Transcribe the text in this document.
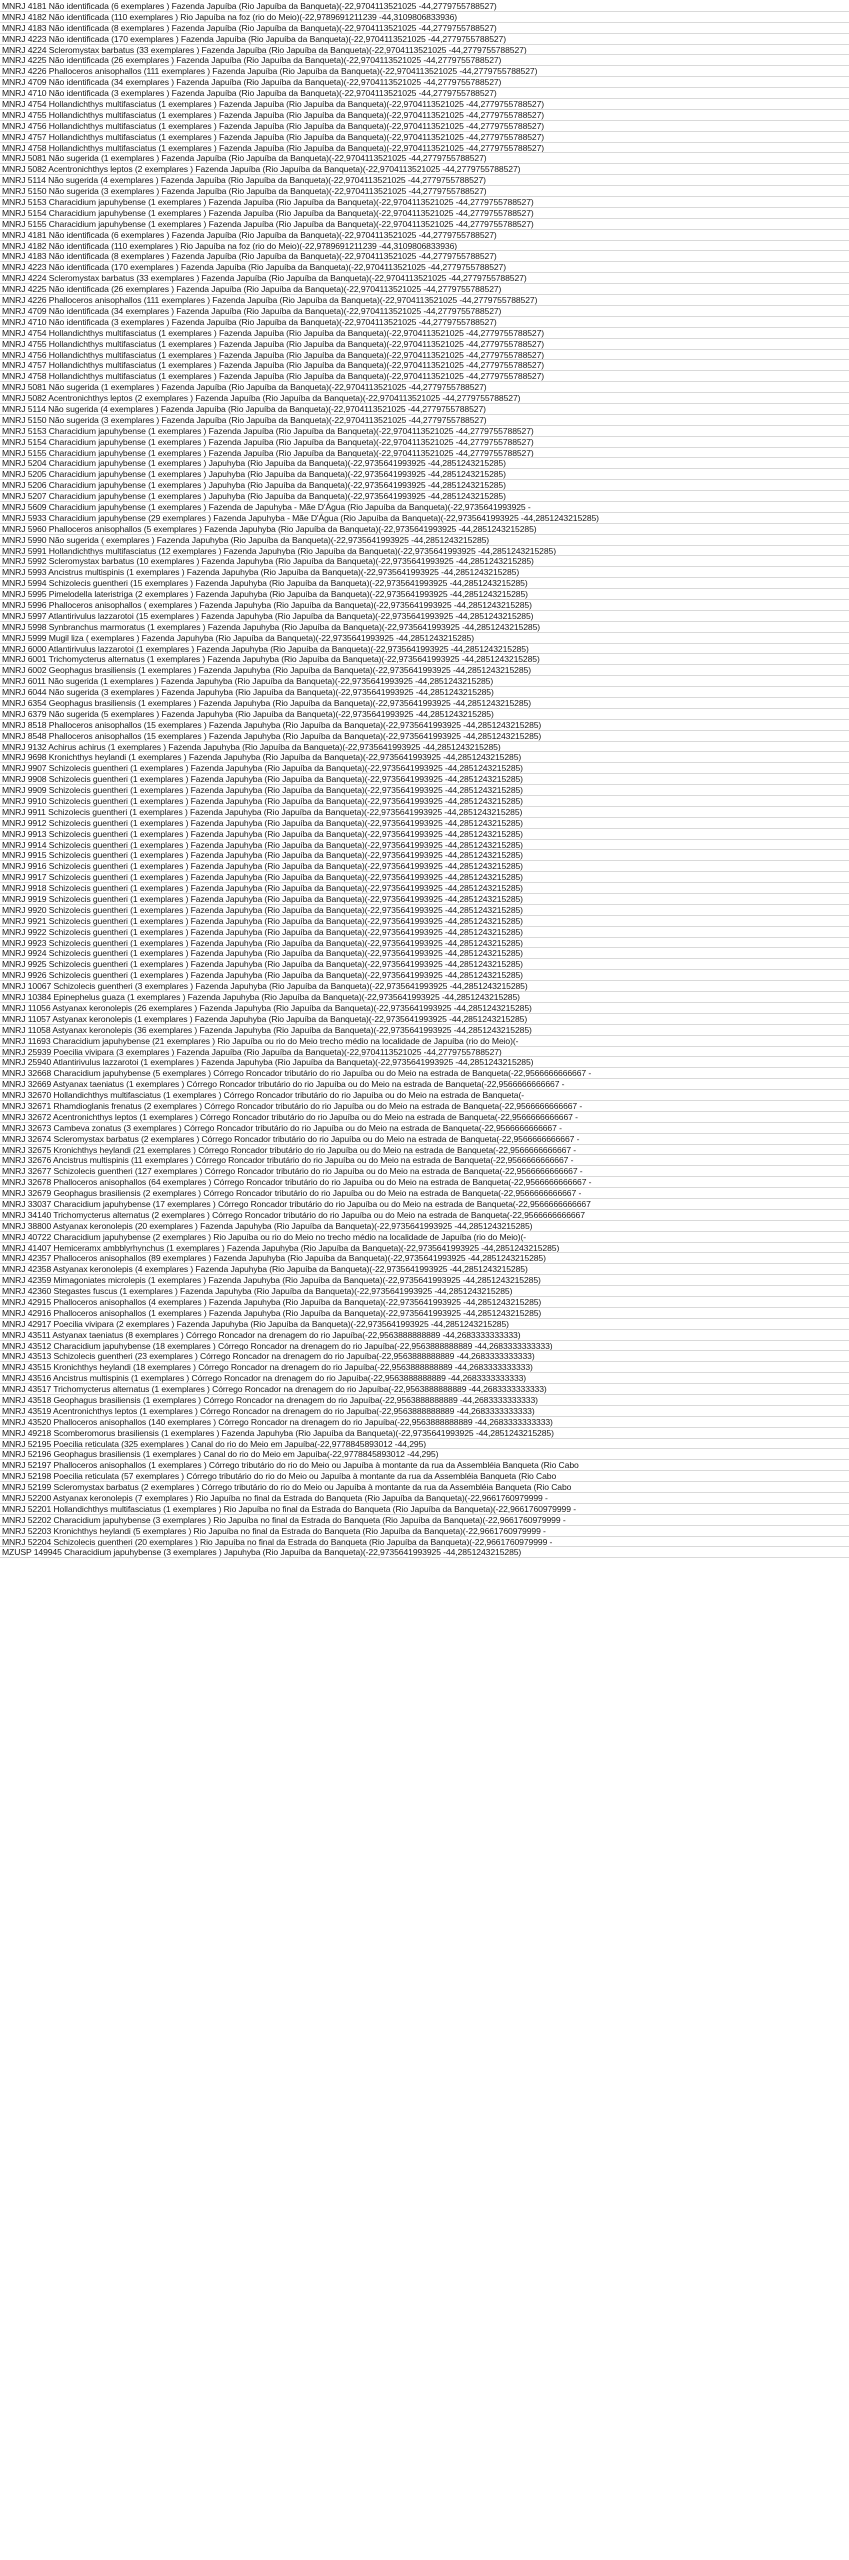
MNRJ 4181 Não identificada (6 exemplares ) Fazenda Japuíba (Rio Japuíba da Banqueta)(-22,9704113521025 -44,2779755788527)
MNRJ 4182 Não identificada (110 exemplares ) Rio Japuíba na foz (rio do Meio)(-22,9789691211239 -44,3109806833936)
MNRJ 4183 Não identificada (8 exemplares ) Fazenda Japuíba (Rio Japuíba da Banqueta)(-22,9704113521025 -44,2779755788527)
MNRJ 4223 Não identificada (170 exemplares ) Fazenda Japuíba (Rio Japuíba da Banqueta)(-22,9704113521025 -44,2779755788527)
MNRJ 4224 Scleromystax barbatus (33 exemplares ) Fazenda Japuíba (Rio Japuíba da Banqueta)(-22,9704113521025 -44,2779755788527)
MNRJ 4225 Não identificada (26 exemplares ) Fazenda Japuíba (Rio Japuíba da Banqueta)(-22,9704113521025 -44,2779755788527)
MNRJ 4226 Phalloceros anisophallos (111 exemplares ) Fazenda Japuíba (Rio Japuíba da Banqueta)(-22,9704113521025 -44,2779755788527)
MNRJ 4709 Não identificada (34 exemplares ) Fazenda Japuíba (Rio Japuíba da Banqueta)(-22,9704113521025 -44,2779755788527)
MNRJ 4710 Não identificada (3 exemplares ) Fazenda Japuíba (Rio Japuíba da Banqueta)(-22,9704113521025 -44,2779755788527)
MNRJ 4754 Hollandichthys multifasciatus (1 exemplares ) Fazenda Japuíba (Rio Japuíba da Banqueta)(-22,9704113521025 -44,2779755788527)
MNRJ 4755 Hollandichthys multifasciatus (1 exemplares ) Fazenda Japuíba (Rio Japuíba da Banqueta)(-22,9704113521025 -44,2779755788527)
MNRJ 4756 Hollandichthys multifasciatus (1 exemplares ) Fazenda Japuíba (Rio Japuíba da Banqueta)(-22,9704113521025 -44,2779755788527)
MNRJ 4757 Hollandichthys multifasciatus (1 exemplares ) Fazenda Japuíba (Rio Japuíba da Banqueta)(-22,9704113521025 -44,2779755788527)
MNRJ 4758 Hollandichthys multifasciatus (1 exemplares ) Fazenda Japuíba (Rio Japuíba da Banqueta)(-22,9704113521025 -44,2779755788527)
MNRJ 5081 Não sugerida (1 exemplares ) Fazenda Japuíba (Rio Japuíba da Banqueta)(-22,9704113521025 -44,2779755788527)
MNRJ 5082 Acentronichthys leptos (2 exemplares ) Fazenda Japuíba (Rio Japuíba da Banqueta)(-22,9704113521025 -44,2779755788527)
MNRJ 5114 Não sugerida (4 exemplares ) Fazenda Japuíba (Rio Japuíba da Banqueta)(-22,9704113521025 -44,2779755788527)
MNRJ 5150 Não sugerida (3 exemplares ) Fazenda Japuíba (Rio Japuíba da Banqueta)(-22,9704113521025 -44,2779755788527)
MNRJ 5153 Characidium japuhybense (1 exemplares ) Fazenda Japuíba (Rio Japuíba da Banqueta)(-22,9704113521025 -44,2779755788527)
MNRJ 5154 Characidium japuhybense (1 exemplares ) Fazenda Japuíba (Rio Japuíba da Banqueta)(-22,9704113521025 -44,2779755788527)
MNRJ 5155 Characidium japuhybense (1 exemplares ) Fazenda Japuíba (Rio Japuíba da Banqueta)(-22,9704113521025 -44,2779755788527)
MNRJ 4181 Não identificada (6 exemplares ) Fazenda Japuíba (Rio Japuíba da Banqueta)(-22,9704113521025 -44,2779755788527)
MNRJ 4182 Não identificada (110 exemplares ) Rio Japuíba na foz (rio do Meio)(-22,9789691211239 -44,3109806833936)
MNRJ 4183 Não identificada (8 exemplares ) Fazenda Japuíba (Rio Japuíba da Banqueta)(-22,9704113521025 -44,2779755788527)
MNRJ 4223 Não identificada (170 exemplares ) Fazenda Japuíba (Rio Japuíba da Banqueta)(-22,9704113521025 -44,2779755788527)
MNRJ 4224 Scleromystax barbatus (33 exemplares ) Fazenda Japuíba (Rio Japuíba da Banqueta)(-22,9704113521025 -44,2779755788527)
MNRJ 4225 Não identificada (26 exemplares ) Fazenda Japuíba (Rio Japuíba da Banqueta)(-22,9704113521025 -44,2779755788527)
MNRJ 4226 Phalloceros anisophallos (111 exemplares ) Fazenda Japuíba (Rio Japuíba da Banqueta)(-22,9704113521025 -44,2779755788527)
MNRJ 4709 Não identificada (34 exemplares ) Fazenda Japuíba (Rio Japuíba da Banqueta)(-22,9704113521025 -44,2779755788527)
MNRJ 4710 Não identificada (3 exemplares ) Fazenda Japuíba (Rio Japuíba da Banqueta)(-22,9704113521025 -44,2779755788527)
MNRJ 4754 Hollandichthys multifasciatus (1 exemplares ) Fazenda Japuíba (Rio Japuíba da Banqueta)(-22,9704113521025 -44,2779755788527)
MNRJ 4755 Hollandichthys multifasciatus (1 exemplares ) Fazenda Japuíba (Rio Japuíba da Banqueta)(-22,9704113521025 -44,2779755788527)
MNRJ 4756 Hollandichthys multifasciatus (1 exemplares ) Fazenda Japuíba (Rio Japuíba da Banqueta)(-22,9704113521025 -44,2779755788527)
MNRJ 4757 Hollandichthys multifasciatus (1 exemplares ) Fazenda Japuíba (Rio Japuíba da Banqueta)(-22,9704113521025 -44,2779755788527)
MNRJ 4758 Hollandichthys multifasciatus (1 exemplares ) Fazenda Japuíba (Rio Japuíba da Banqueta)(-22,9704113521025 -44,2779755788527)
MNRJ 5081 Não sugerida (1 exemplares ) Fazenda Japuíba (Rio Japuíba da Banqueta)(-22,9704113521025 -44,2779755788527)
MNRJ 5082 Acentronichthys leptos (2 exemplares ) Fazenda Japuíba (Rio Japuíba da Banqueta)(-22,9704113521025 -44,2779755788527)
MNRJ 5114 Não sugerida (4 exemplares ) Fazenda Japuíba (Rio Japuíba da Banqueta)(-22,9704113521025 -44,2779755788527)
MNRJ 5150 Não sugerida (3 exemplares ) Fazenda Japuíba (Rio Japuíba da Banqueta)(-22,9704113521025 -44,2779755788527)
MNRJ 5153 Characidium japuhybense (1 exemplares ) Fazenda Japuíba (Rio Japuíba da Banqueta)(-22,9704113521025 -44,2779755788527)
MNRJ 5154 Characidium japuhybense (1 exemplares ) Fazenda Japuíba (Rio Japuíba da Banqueta)(-22,9704113521025 -44,2779755788527)
MNRJ 5155 Characidium japuhybense (1 exemplares ) Fazenda Japuíba (Rio Japuíba da Banqueta)(-22,9704113521025 -44,2779755788527)
MNRJ 5204 Characidium japuhybense (1 exemplares ) Japuhyba (Rio Japuíba da Banqueta)(-22,9735641993925 -44,2851243215285)
MNRJ 5205 Characidium japuhybense (1 exemplares ) Japuhyba (Rio Japuíba da Banqueta)(-22,9735641993925 -44,2851243215285)
MNRJ 5206 Characidium japuhybense (1 exemplares ) Japuhyba (Rio Japuíba da Banqueta)(-22,9735641993925 -44,2851243215285)
MNRJ 5207 Characidium japuhybense (1 exemplares ) Japuhyba (Rio Japuíba da Banqueta)(-22,9735641993925 -44,2851243215285)
MNRJ 5609 Characidium japuhybense (1 exemplares ) Fazenda de Japuhyba - Mãe D'Água (Rio Japuíba da Banqueta)(-22,9735641993925 -
MNRJ 5933 Characidium japuhybense (29 exemplares ) Fazenda Japuhyba - Mãe D'Água (Rio Japuíba da Banqueta)(-22,9735641993925 -44,2851243215285)
MNRJ 5960 Phalloceros anisophallos (5 exemplares ) Fazenda Japuhyba (Rio Japuíba da Banqueta)(-22,9735641993925 -44,2851243215285)
MNRJ 5990 Não sugerida ( exemplares ) Fazenda Japuhyba (Rio Japuíba da Banqueta)(-22,9735641993925 -44,2851243215285)
MNRJ 5991 Hollandichthys multifasciatus (12 exemplares ) Fazenda Japuhyba (Rio Japuíba da Banqueta)(-22,9735641993925 -44,2851243215285)
MNRJ 5992 Scleromystax barbatus (10 exemplares ) Fazenda Japuhyba (Rio Japuíba da Banqueta)(-22,9735641993925 -44,2851243215285)
MNRJ 5993 Ancistrus multispinis (1 exemplares ) Fazenda Japuhyba (Rio Japuíba da Banqueta)(-22,9735641993925 -44,2851243215285)
MNRJ 5994 Schizolecis guentheri (15 exemplares ) Fazenda Japuhyba (Rio Japuíba da Banqueta)(-22,9735641993925 -44,2851243215285)
MNRJ 5995 Pimelodella lateristriga (2 exemplares ) Fazenda Japuhyba (Rio Japuíba da Banqueta)(-22,9735641993925 -44,2851243215285)
MNRJ 5996 Phalloceros anisophallos ( exemplares ) Fazenda Japuhyba (Rio Japuíba da Banqueta)(-22,9735641993925 -44,2851243215285)
MNRJ 5997 Atlantirivulus lazzarotoi (15 exemplares ) Fazenda Japuhyba (Rio Japuíba da Banqueta)(-22,9735641993925 -44,2851243215285)
MNRJ 5998 Synbranchus marmoratus (1 exemplares ) Fazenda Japuhyba (Rio Japuíba da Banqueta)(-22,9735641993925 -44,2851243215285)
MNRJ 5999 Mugil liza ( exemplares ) Fazenda Japuhyba (Rio Japuíba da Banqueta)(-22,9735641993925 -44,2851243215285)
MNRJ 6000 Atlantirivulus lazzarotoi (1 exemplares ) Fazenda Japuhyba (Rio Japuíba da Banqueta)(-22,9735641993925 -44,2851243215285)
MNRJ 6001 Trichomycterus alternatus (1 exemplares ) Fazenda Japuhyba (Rio Japuíba da Banqueta)(-22,9735641993925 -44,2851243215285)
MNRJ 6002 Geophagus brasiliensis (1 exemplares ) Fazenda Japuhyba (Rio Japuíba da Banqueta)(-22,9735641993925 -44,2851243215285)
MNRJ 6011 Não sugerida (1 exemplares ) Fazenda Japuhyba (Rio Japuíba da Banqueta)(-22,9735641993925 -44,2851243215285)
MNRJ 6044 Não sugerida (3 exemplares ) Fazenda Japuhyba (Rio Japuíba da Banqueta)(-22,9735641993925 -44,2851243215285)
MNRJ 6354 Geophagus brasiliensis (1 exemplares ) Fazenda Japuhyba (Rio Japuíba da Banqueta)(-22,9735641993925 -44,2851243215285)
MNRJ 6379 Não sugerida (5 exemplares ) Fazenda Japuhyba (Rio Japuíba da Banqueta)(-22,9735641993925 -44,2851243215285)
MNRJ 8518 Phalloceros anisophallos (15 exemplares ) Fazenda Japuhyba (Rio Japuíba da Banqueta)(-22,9735641993925 -44,2851243215285)
MNRJ 8548 Phalloceros anisophallos (15 exemplares ) Fazenda Japuhyba (Rio Japuíba da Banqueta)(-22,9735641993925 -44,2851243215285)
MNRJ 9132 Achirus achirus (1 exemplares ) Fazenda Japuhyba (Rio Japuíba da Banqueta)(-22,9735641993925 -44,2851243215285)
MNRJ 9698 Kronichthys heylandi (1 exemplares ) Fazenda Japuhyba (Rio Japuíba da Banqueta)(-22,9735641993925 -44,2851243215285)
MNRJ 9907 Schizolecis guentheri (1 exemplares ) Fazenda Japuhyba (Rio Japuíba da Banqueta)(-22,9735641993925 -44,2851243215285)
MNRJ 9908 Schizolecis guentheri (1 exemplares ) Fazenda Japuhyba (Rio Japuíba da Banqueta)(-22,9735641993925 -44,2851243215285)
MNRJ 9909 Schizolecis guentheri (1 exemplares ) Fazenda Japuhyba (Rio Japuíba da Banqueta)(-22,9735641993925 -44,2851243215285)
MNRJ 9910 Schizolecis guentheri (1 exemplares ) Fazenda Japuhyba (Rio Japuíba da Banqueta)(-22,9735641993925 -44,2851243215285)
MNRJ 9911 Schizolecis guentheri (1 exemplares ) Fazenda Japuhyba (Rio Japuíba da Banqueta)(-22,9735641993925 -44,2851243215285)
MNRJ 9912 Schizolecis guentheri (1 exemplares ) Fazenda Japuhyba (Rio Japuíba da Banqueta)(-22,9735641993925 -44,2851243215285)
MNRJ 9913 Schizolecis guentheri (1 exemplares ) Fazenda Japuhyba (Rio Japuíba da Banqueta)(-22,9735641993925 -44,2851243215285)
MNRJ 9914 Schizolecis guentheri (1 exemplares ) Fazenda Japuhyba (Rio Japuíba da Banqueta)(-22,9735641993925 -44,2851243215285)
MNRJ 9915 Schizolecis guentheri (1 exemplares ) Fazenda Japuhyba (Rio Japuíba da Banqueta)(-22,9735641993925 -44,2851243215285)
MNRJ 9916 Schizolecis guentheri (1 exemplares ) Fazenda Japuhyba (Rio Japuíba da Banqueta)(-22,9735641993925 -44,2851243215285)
MNRJ 9917 Schizolecis guentheri (1 exemplares ) Fazenda Japuhyba (Rio Japuíba da Banqueta)(-22,9735641993925 -44,2851243215285)
MNRJ 9918 Schizolecis guentheri (1 exemplares ) Fazenda Japuhyba (Rio Japuíba da Banqueta)(-22,9735641993925 -44,2851243215285)
MNRJ 9919 Schizolecis guentheri (1 exemplares ) Fazenda Japuhyba (Rio Japuíba da Banqueta)(-22,9735641993925 -44,2851243215285)
MNRJ 9920 Schizolecis guentheri (1 exemplares ) Fazenda Japuhyba (Rio Japuíba da Banqueta)(-22,9735641993925 -44,2851243215285)
MNRJ 9921 Schizolecis guentheri (1 exemplares ) Fazenda Japuhyba (Rio Japuíba da Banqueta)(-22,9735641993925 -44,2851243215285)
MNRJ 9922 Schizolecis guentheri (1 exemplares ) Fazenda Japuhyba (Rio Japuíba da Banqueta)(-22,9735641993925 -44,2851243215285)
MNRJ 9923 Schizolecis guentheri (1 exemplares ) Fazenda Japuhyba (Rio Japuíba da Banqueta)(-22,9735641993925 -44,2851243215285)
MNRJ 9924 Schizolecis guentheri (1 exemplares ) Fazenda Japuhyba (Rio Japuíba da Banqueta)(-22,9735641993925 -44,2851243215285)
MNRJ 9925 Schizolecis guentheri (1 exemplares ) Fazenda Japuhyba (Rio Japuíba da Banqueta)(-22,9735641993925 -44,2851243215285)
MNRJ 9926 Schizolecis guentheri (1 exemplares ) Fazenda Japuhyba (Rio Japuíba da Banqueta)(-22,9735641993925 -44,2851243215285)
MNRJ 10067 Schizolecis guentheri (3 exemplares ) Fazenda Japuhyba (Rio Japuíba da Banqueta)(-22,9735641993925 -44,2851243215285)
MNRJ 10384 Epinephelus guaza (1 exemplares ) Fazenda Japuhyba (Rio Japuíba da Banqueta)(-22,9735641993925 -44,2851243215285)
MNRJ 11056 Astyanax keronolepis (26 exemplares ) Fazenda Japuhyba (Rio Japuíba da Banqueta)(-22,9735641993925 -44,2851243215285)
MNRJ 11057 Astyanax keronolepis (1 exemplares ) Fazenda Japuhyba (Rio Japuíba da Banqueta)(-22,9735641993925 -44,2851243215285)
MNRJ 11058 Astyanax keronolepis (36 exemplares ) Fazenda Japuhyba (Rio Japuíba da Banqueta)(-22,9735641993925 -44,2851243215285)
MNRJ 11693 Characidium japuhybense (21 exemplares ) Rio Japuíba ou rio do Meio trecho médio na localidade de Japuíba (rio do Meio)(-
MNRJ 25939 Poecilia vivipara (3 exemplares ) Fazenda Japuíba (Rio Japuíba da Banqueta)(-22,9704113521025 -44,2779755788527)
MNRJ 25940 Atlantirivulus lazzarotoi (1 exemplares ) Fazenda Japuhyba (Rio Japuíba da Banqueta)(-22,9735641993925 -44,2851243215285)
MNRJ 32668 Characidium japuhybense (5 exemplares ) Córrego Roncador tributário do rio Japuíba ou do Meio na estrada de Banqueta(-22,9566666666667 -
MNRJ 32669 Astyanax taeniatus (1 exemplares ) Córrego Roncador tributário do rio Japuíba ou do Meio na estrada de Banqueta(-22,9566666666667 -
MNRJ 32670 Hollandichthys multifasciatus (1 exemplares ) Córrego Roncador tributário do rio Japuíba ou do Meio na estrada de Banqueta(-
MNRJ 32671 Rhamdioglanis frenatus (2 exemplares ) Córrego Roncador tributário do rio Japuíba ou do Meio na estrada de Banqueta(-22,9566666666667 -
MNRJ 32672 Acentronichthys leptos (1 exemplares ) Córrego Roncador tributário do rio Japuíba ou do Meio na estrada de Banqueta(-22,9566666666667 -
MNRJ 32673 Cambeva zonatus (3 exemplares ) Córrego Roncador tributário do rio Japuíba ou do Meio na estrada de Banqueta(-22,9566666666667 -
MNRJ 32674 Scleromystax barbatus (2 exemplares ) Córrego Roncador tributário do rio Japuíba ou do Meio na estrada de Banqueta(-22,9566666666667 -
MNRJ 32675 Kronichthys heylandi (21 exemplares ) Córrego Roncador tributário do rio Japuíba ou do Meio na estrada de Banqueta(-22,9566666666667 -
MNRJ 32676 Ancistrus multispinis (11 exemplares ) Córrego Roncador tributário do rio Japuíba ou do Meio na estrada de Banqueta(-22,9566666666667 -
MNRJ 32677 Schizolecis guentheri (127 exemplares ) Córrego Roncador tributário do rio Japuíba ou do Meio na estrada de Banqueta(-22,9566666666667 -
MNRJ 32678 Phalloceros anisophallos (64 exemplares ) Córrego Roncador tributário do rio Japuíba ou do Meio na estrada de Banqueta(-22,9566666666667 -
MNRJ 32679 Geophagus brasiliensis (2 exemplares ) Córrego Roncador tributário do rio Japuíba ou do Meio na estrada de Banqueta(-22,9566666666667 -
MNRJ 33037 Characidium japuhybense (17 exemplares ) Córrego Roncador tributário do rio Japuíba ou do Meio na estrada de Banqueta(-22,9566666666667
MNRJ 34140 Trichomycterus alternatus (2 exemplares ) Córrego Roncador tributário do rio Japuíba ou do Meio na estrada de Banqueta(-22,9566666666667
MNRJ 38800 Astyanax keronolepis (20 exemplares ) Fazenda Japuhyba (Rio Japuíba da Banqueta)(-22,9735641993925 -44,2851243215285)
MNRJ 40722 Characidium japuhybense (2 exemplares ) Rio Japuíba ou rio do Meio no trecho médio na localidade de Japuíba (rio do Meio)(-
MNRJ 41407 Hemiceramx ambblyrhynchus (1 exemplares ) Fazenda Japuhyba (Rio Japuíba da Banqueta)(-22,9735641993925 -44,2851243215285)
MNRJ 42357 Phalloceros anisophallos (89 exemplares ) Fazenda Japuhyba (Rio Japuíba da Banqueta)(-22,9735641993925 -44,2851243215285)
MNRJ 42358 Astyanax keronolepis (4 exemplares ) Fazenda Japuhyba (Rio Japuíba da Banqueta)(-22,9735641993925 -44,2851243215285)
MNRJ 42359 Mimagoniates microlepis (1 exemplares ) Fazenda Japuhyba (Rio Japuíba da Banqueta)(-22,9735641993925 -44,2851243215285)
MNRJ 42360 Stegastes fuscus (1 exemplares ) Fazenda Japuhyba (Rio Japuíba da Banqueta)(-22,9735641993925 -44,2851243215285)
MNRJ 42915 Phalloceros anisophallos (4 exemplares ) Fazenda Japuhyba (Rio Japuíba da Banqueta)(-22,9735641993925 -44,2851243215285)
MNRJ 42916 Phalloceros anisophallos (1 exemplares ) Fazenda Japuhyba (Rio Japuíba da Banqueta)(-22,9735641993925 -44,2851243215285)
MNRJ 42917 Poecilia vivipara (2 exemplares ) Fazenda Japuhyba (Rio Japuíba da Banqueta)(-22,9735641993925 -44,2851243215285)
MNRJ 43511 Astyanax taeniatus (8 exemplares ) Córrego Roncador na drenagem do rio Japuíba(-22,9563888888889 -44,2683333333333)
MNRJ 43512 Characidium japuhybense (18 exemplares ) Córrego Roncador na drenagem do rio Japuíba(-22,9563888888889 -44,2683333333333)
MNRJ 43513 Schizolecis guentheri (23 exemplares ) Córrego Roncador na drenagem do rio Japuíba(-22,9563888888889 -44,2683333333333)
MNRJ 43515 Kronichthys heylandi (18 exemplares ) Córrego Roncador na drenagem do rio Japuíba(-22,9563888888889 -44,2683333333333)
MNRJ 43516 Ancistrus multispinis (1 exemplares ) Córrego Roncador na drenagem do rio Japuíba(-22,9563888888889 -44,2683333333333)
MNRJ 43517 Trichomycterus alternatus (1 exemplares ) Córrego Roncador na drenagem do rio Japuíba(-22,9563888888889 -44,2683333333333)
MNRJ 43518 Geophagus brasiliensis (1 exemplares ) Córrego Roncador na drenagem do rio Japuíba(-22,9563888888889 -44,2683333333333)
MNRJ 43519 Acentronichthys leptos (1 exemplares ) Córrego Roncador na drenagem do rio Japuíba(-22,9563888888889 -44,2683333333333)
MNRJ 43520 Phalloceros anisophallos (140 exemplares ) Córrego Roncador na drenagem do rio Japuíba(-22,9563888888889 -44,2683333333333)
MNRJ 49218 Scomberomorus brasiliensis (1 exemplares ) Fazenda Japuhyba (Rio Japuíba da Banqueta)(-22,9735641993925 -44,2851243215285)
MNRJ 52195 Poecilia reticulata (325 exemplares ) Canal do rio do Meio em Japuíba(-22,9778845893012 -44,295)
MNRJ 52196 Geophagus brasiliensis (1 exemplares ) Canal do rio do Meio em Japuíba(-22,9778845893012 -44,295)
MNRJ 52197 Phalloceros anisophallos (1 exemplares ) Córrego tributário do rio do Meio ou Japuíba à montante da rua da Assembléia Banqueta (Rio Cabo
MNRJ 52198 Poecilia reticulata (57 exemplares ) Córrego tributário do rio do Meio ou Japuíba à montante da rua da Assembléia Banqueta (Rio Cabo
MNRJ 52199 Scleromystax barbatus (2 exemplares ) Córrego tributário do rio do Meio ou Japuíba à montante da rua da Assembléia Banqueta (Rio Cabo
MNRJ 52200 Astyanax keronolepis (7 exemplares ) Rio Japuíba no final da Estrada do Banqueta (Rio Japuíba da Banqueta)(-22,9661760979999 -
MNRJ 52201 Hollandichthys multifasciatus (1 exemplares ) Rio Japuíba no final da Estrada do Banqueta (Rio Japuíba da Banqueta)(-22,9661760979999 -
MNRJ 52202 Characidium japuhybense (3 exemplares ) Rio Japuíba no final da Estrada do Banqueta (Rio Japuíba da Banqueta)(-22,9661760979999 -
MNRJ 52203 Kronichthys heylandi (5 exemplares ) Rio Japuíba no final da Estrada do Banqueta (Rio Japuíba da Banqueta)(-22,9661760979999 -
MNRJ 52204 Schizolecis guentheri (20 exemplares ) Rio Japuíba no final da Estrada do Banqueta (Rio Japuíba da Banqueta)(-22,9661760979999 -
MZUSP 149945 Characidium japuhybense (3 exemplares ) Japuhyba (Rio Japuíba da Banqueta)(-22,9735641993925 -44,2851243215285)
